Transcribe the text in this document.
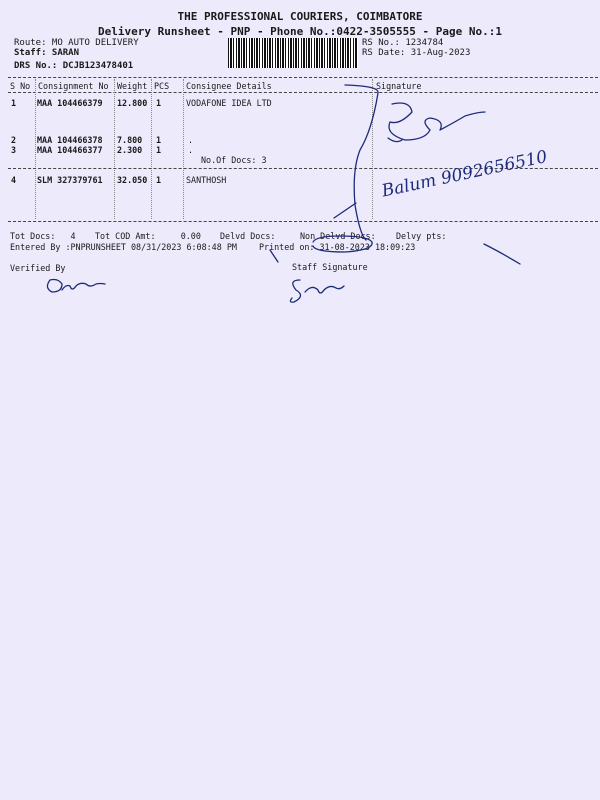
THE PROFESSIONAL COURIERS, COIMBATORE
Delivery Runsheet - PNP - Phone No.:0422-3505555 - Page No.:1
Route: MO AUTO DELIVERY
Staff: SARAN
DRS No.: DCJB123478401
RS No.: 1234784
RS Date: 31-Aug-2023
S No Consignment No Weight PCS Consignee Details	Signature
1 MAA 104466379 12.800 1	VODAFONE IDEA LTD
2 MAA 104466378 7.800 1	.
3 MAA 104466377 2.300 1	.
No.Of Docs: 3
4 SLM 327379761 32.050 1	SANTHOSH
Tot Docs:   4 Tot COD Amt:     0.00 Delvd Docs:	Non Delvd Docs: Delvy pts:
Entered By :PNPRUNSHEET 08/31/2023 6:08:48 PM	Printed on: 31-08-2023 18:09:23
Verified By	Staff Signature
Balum 9092656510
